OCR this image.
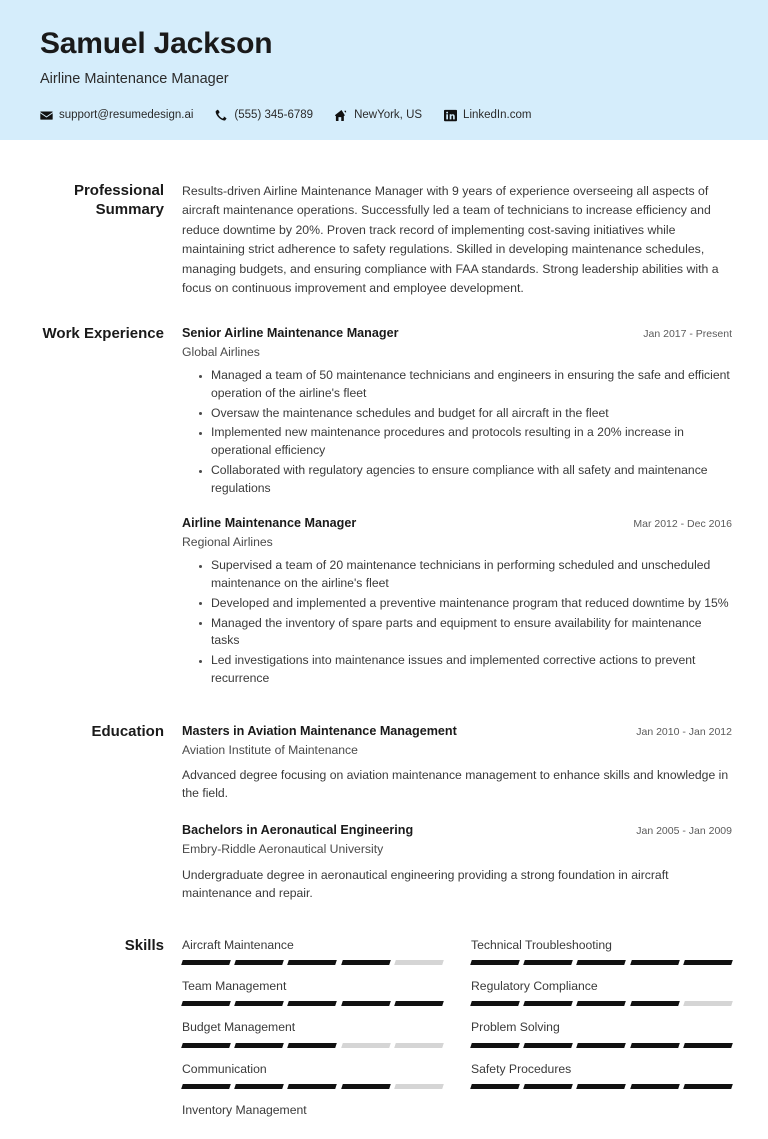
Samuel Jackson
Airline Maintenance Manager
support@resumedesign.ai	(555) 345-6789	NewYork, US	LinkedIn.com
Professional Summary
Results-driven Airline Maintenance Manager with 9 years of experience overseeing all aspects of aircraft maintenance operations. Successfully led a team of technicians to increase efficiency and reduce downtime by 20%. Proven track record of implementing cost-saving initiatives while maintaining strict adherence to safety regulations. Skilled in developing maintenance schedules, managing budgets, and ensuring compliance with FAA standards. Strong leadership abilities with a focus on continuous improvement and employee development.
Work Experience	Senior Airline Maintenance Manager	Jan 2017 - Present
Global Airlines
Managed a team of 50 maintenance technicians and engineers in ensuring the safe and efficient operation of the airline's fleet
Oversaw the maintenance schedules and budget for all aircraft in the fleet
Implemented new maintenance procedures and protocols resulting in a 20% increase in operational efficiency
Collaborated with regulatory agencies to ensure compliance with all safety and maintenance regulations
Airline Maintenance Manager	Mar 2012 - Dec 2016
Regional Airlines
Supervised a team of 20 maintenance technicians in performing scheduled and unscheduled maintenance on the airline's fleet
Developed and implemented a preventive maintenance program that reduced downtime by 15%
Managed the inventory of spare parts and equipment to ensure availability for maintenance tasks
Led investigations into maintenance issues and implemented corrective actions to prevent recurrence
Education	Masters in Aviation Maintenance Management	Jan 2010 - Jan 2012
Aviation Institute of Maintenance
Advanced degree focusing on aviation maintenance management to enhance skills and knowledge in the field.
Bachelors in Aeronautical Engineering	Jan 2005 - Jan 2009
Embry-Riddle Aeronautical University
Undergraduate degree in aeronautical engineering providing a strong foundation in aircraft maintenance and repair.
Skills	Aircraft Maintenance	Technical Troubleshooting
Team Management	Regulatory Compliance
Budget Management	Problem Solving
Communication	Safety Procedures
Inventory Management
